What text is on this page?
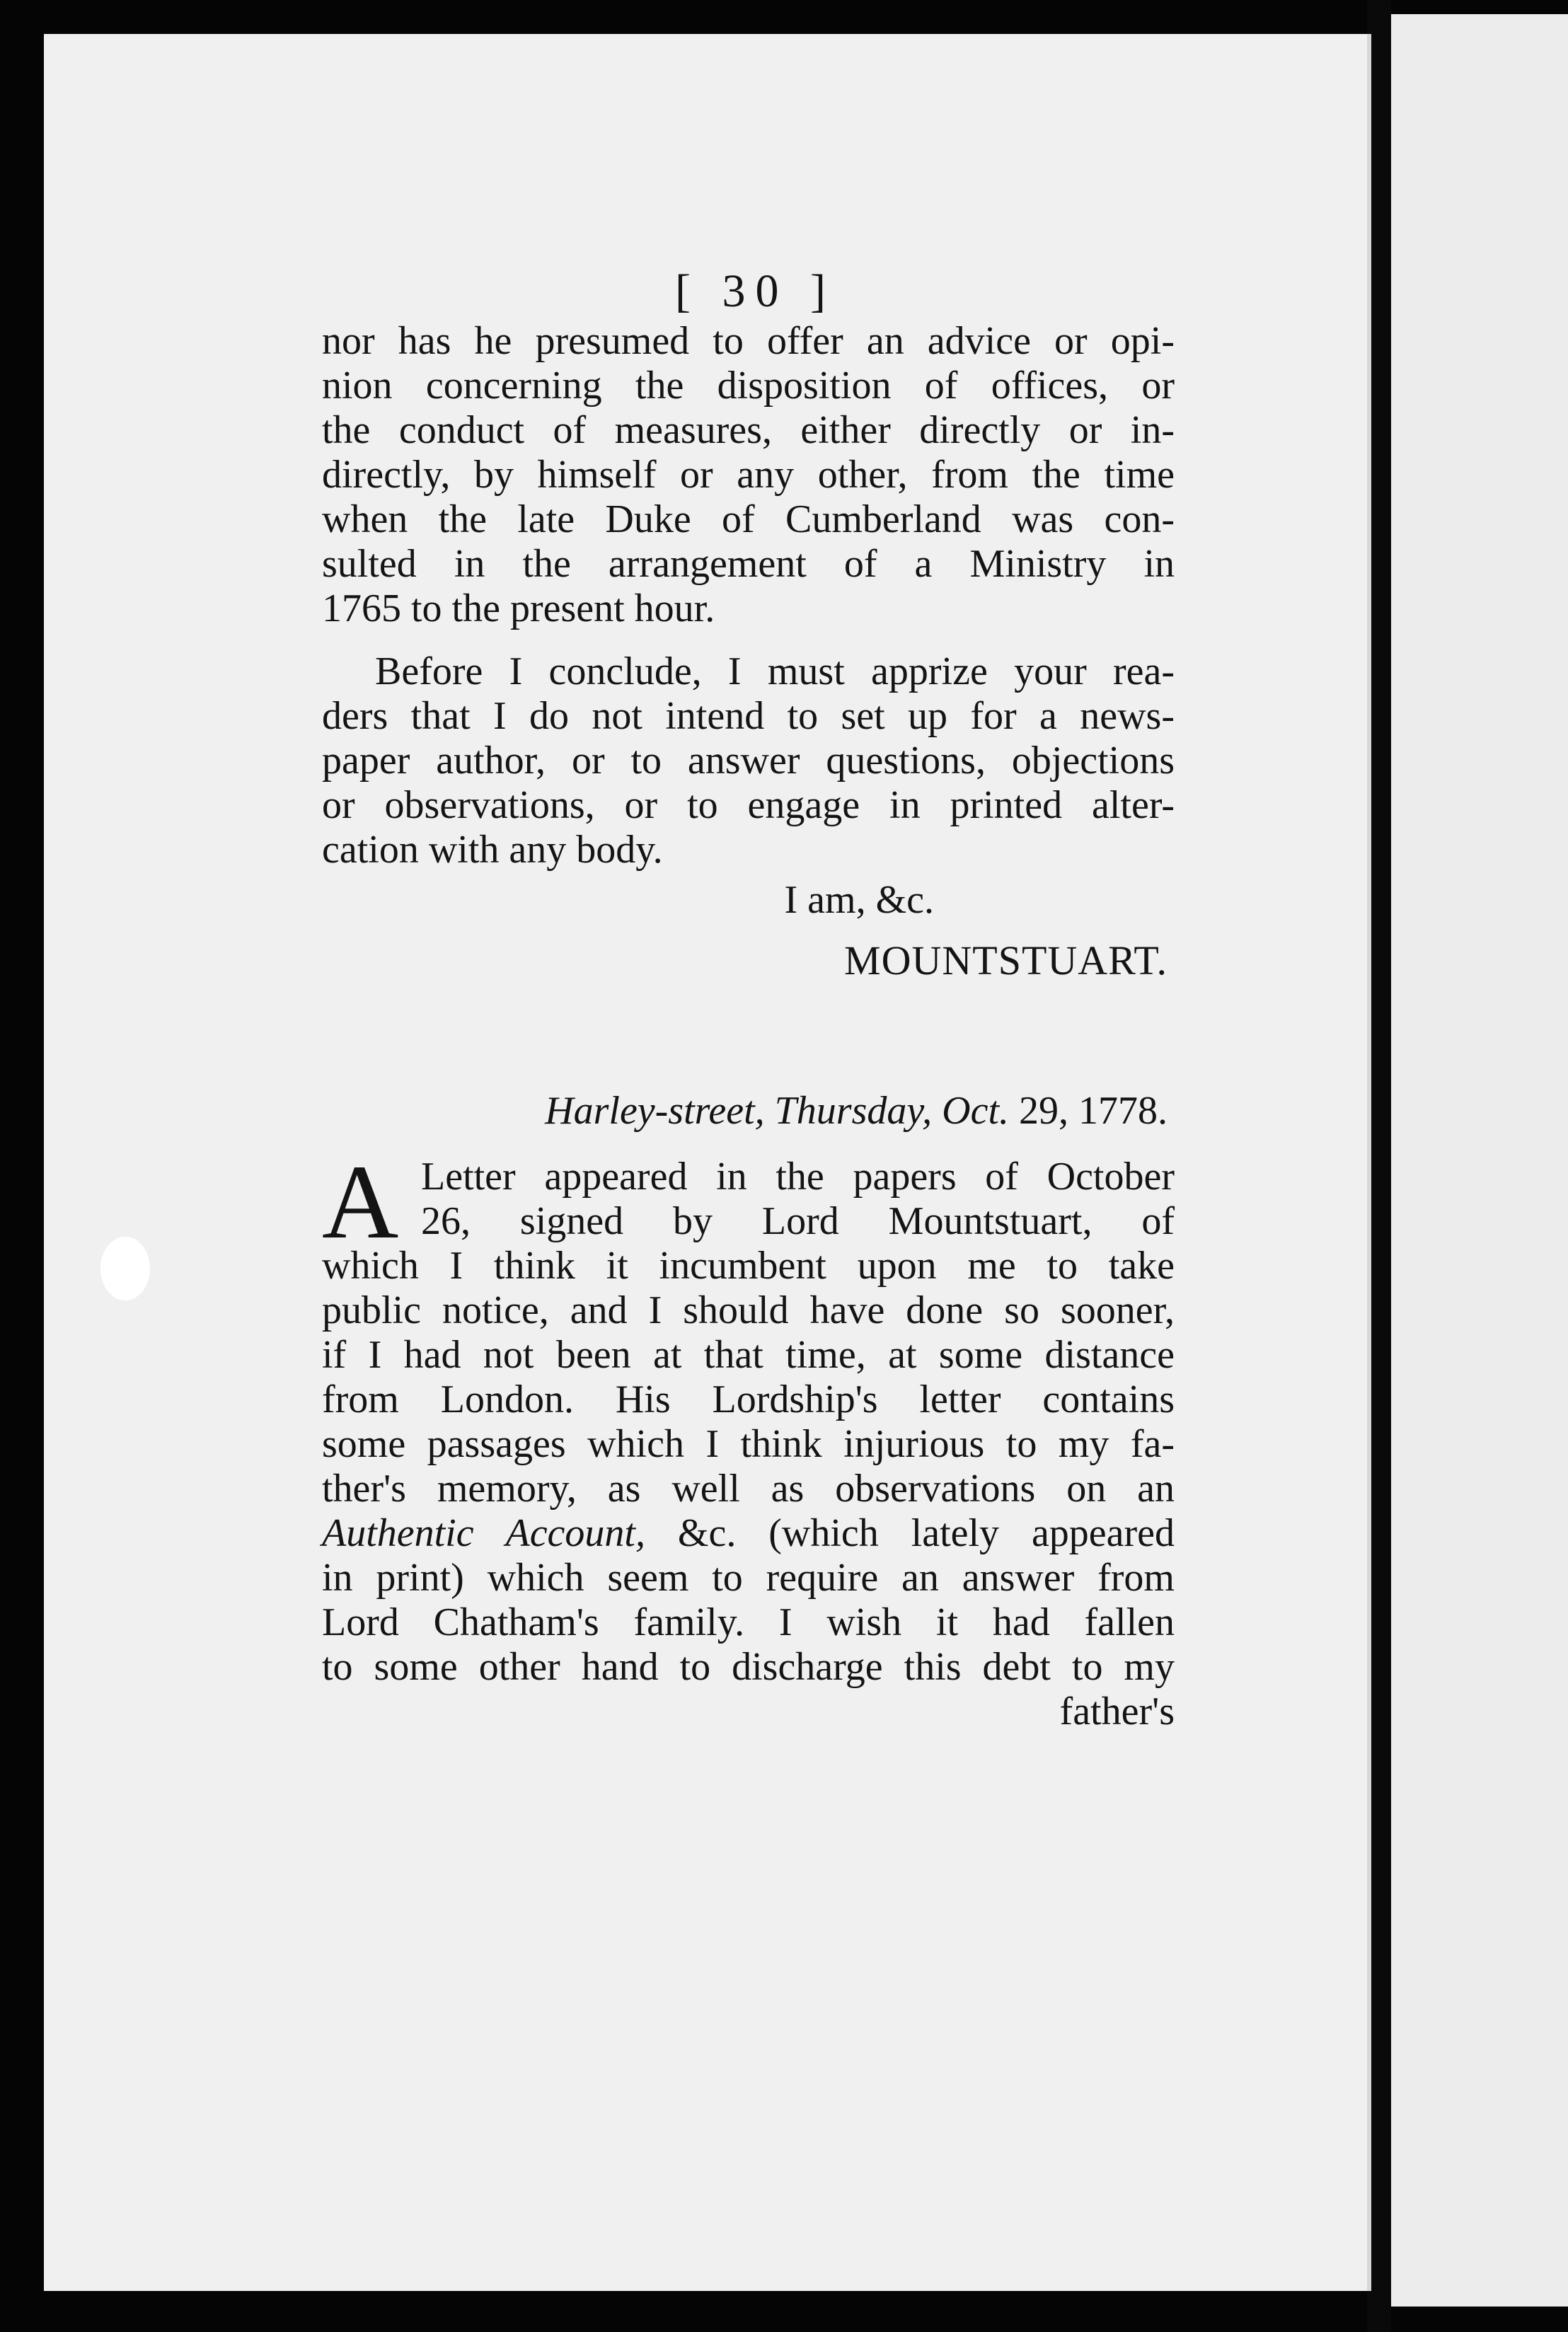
[ 30 ]
nor has he presumed to offer an advice or opi-
nion concerning the disposition of offices, or
the conduct of measures, either directly or in-
directly, by himself or any other, from the time
when the late Duke of Cumberland was con-
sulted in the arrangement of a Ministry in
1765 to the present hour.
Before I conclude, I must apprize your rea-
ders that I do not intend to set up for a news-
paper author, or to answer questions, objections
or observations, or to engage in printed alter-
cation with any body.
I am, &c.
MOUNTSTUART.
Harley-street, Thursday, Oct. 29, 1778.
A Letter appeared in the papers of October
26, signed by Lord Mountstuart, of
which I think it incumbent upon me to take
public notice, and I should have done so sooner,
if I had not been at that time, at some distance
from London. His Lordship's letter contains
some passages which I think injurious to my fa-
ther's memory, as well as observations on an
Authentic Account, &c. (which lately appeared
in print) which seem to require an answer from
Lord Chatham's family. I wish it had fallen
to some other hand to discharge this debt to my
father's
